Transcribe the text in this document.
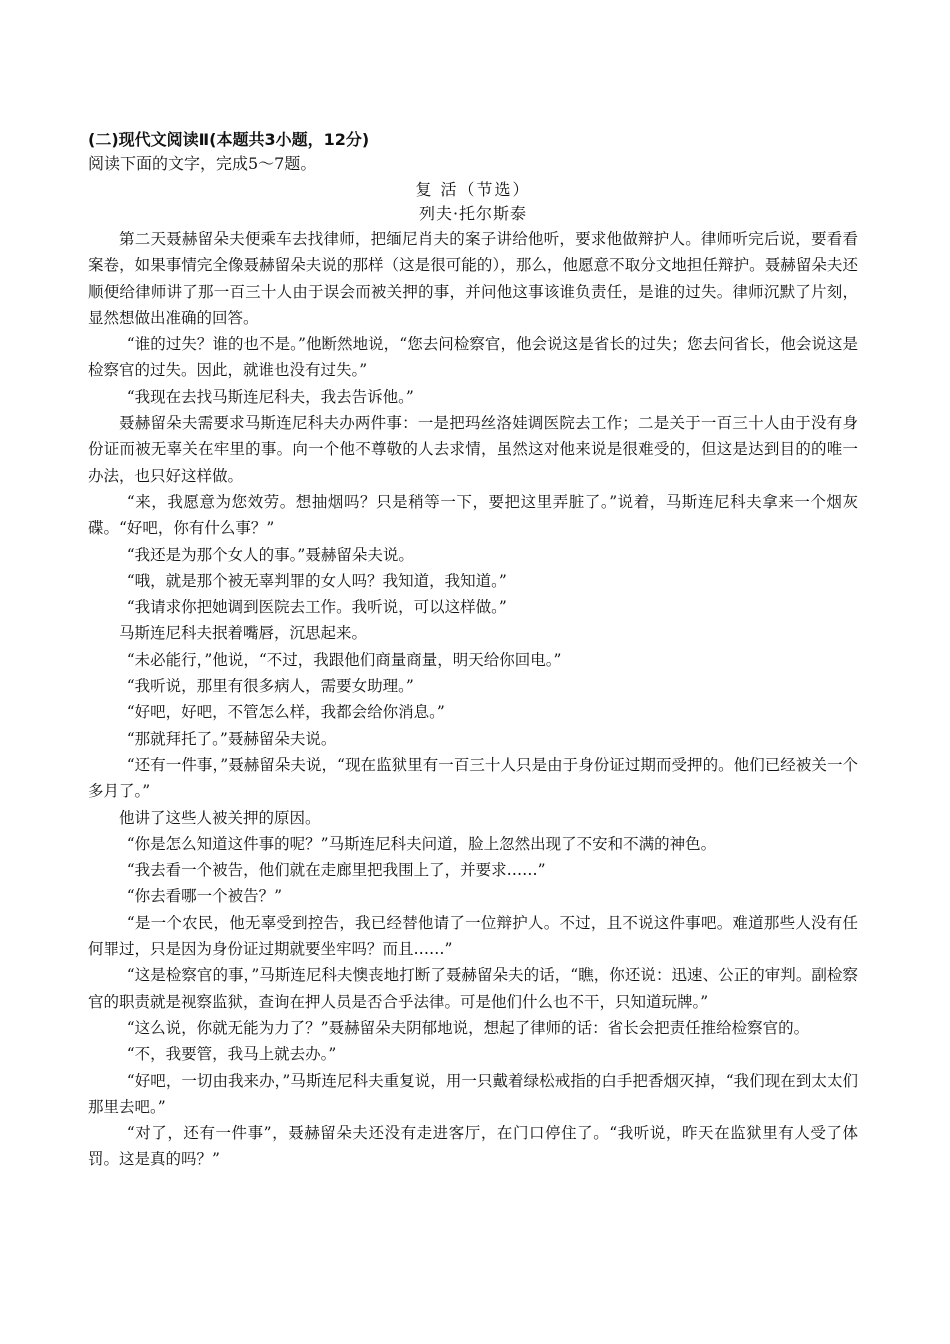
(二)现代文阅读Ⅱ(本题共3小题，12分)
阅读下面的文字，完成5～7题。
复 活（节选）
列夫·托尔斯泰

第二天聂赫留朵夫便乘车去找律师，把缅尼肖夫的案子讲给他听，要求他做辩护人。律师听完后说，要看看案卷，如果事情完全像聂赫留朵夫说的那样（这是很可能的），那么，他愿意不取分文地担任辩护。聂赫留朵夫还顺便给律师讲了那一百三十人由于误会而被关押的事，并问他这事该谁负责任，是谁的过失。律师沉默了片刻，显然想做出准确的回答。

“谁的过失？谁的也不是。”他断然地说，“您去问检察官，他会说这是省长的过失；您去问省长，他会说这是检察官的过失。因此，就谁也没有过失。”

“我现在去找马斯连尼科夫，我去告诉他。”

聂赫留朵夫需要求马斯连尼科夫办两件事：一是把玛丝洛娃调医院去工作；二是关于一百三十人由于没有身份证而被无辜关在牢里的事。向一个他不尊敬的人去求情，虽然这对他来说是很难受的，但这是达到目的的唯一办法，也只好这样做。

“来，我愿意为您效劳。想抽烟吗？只是稍等一下，要把这里弄脏了。”说着，马斯连尼科夫拿来一个烟灰碟。“好吧，你有什么事？”

“我还是为那个女人的事。”聂赫留朵夫说。

“哦，就是那个被无辜判罪的女人吗？我知道，我知道。”

“我请求你把她调到医院去工作。我听说，可以这样做。”

马斯连尼科夫抿着嘴唇，沉思起来。

“未必能行，”他说，“不过，我跟他们商量商量，明天给你回电。”

“我听说，那里有很多病人，需要女助理。”

“好吧，好吧，不管怎么样，我都会给你消息。”

“那就拜托了。”聂赫留朵夫说。

“还有一件事，”聂赫留朵夫说，“现在监狱里有一百三十人只是由于身份证过期而受押的。他们已经被关一个多月了。”

他讲了这些人被关押的原因。

“你是怎么知道这件事的呢？”马斯连尼科夫问道，脸上忽然出现了不安和不满的神色。

“我去看一个被告，他们就在走廊里把我围上了，并要求……”

“你去看哪一个被告？”

“是一个农民，他无辜受到控告，我已经替他请了一位辩护人。不过，且不说这件事吧。难道那些人没有任何罪过，只是因为身份证过期就要坐牢吗？而且……”

“这是检察官的事，”马斯连尼科夫懊丧地打断了聂赫留朵夫的话，“瞧，你还说：迅速、公正的审判。副检察官的职责就是视察监狱，查询在押人员是否合乎法律。可是他们什么也不干，只知道玩牌。”

“这么说，你就无能为力了？”聂赫留朵夫阴郁地说，想起了律师的话：省长会把责任推给检察官的。

“不，我要管，我马上就去办。”

“好吧，一切由我来办，”马斯连尼科夫重复说，用一只戴着绿松戒指的白手把香烟灭掉，“我们现在到太太们那里去吧。”

“对了，还有一件事”，聂赫留朵夫还没有走进客厅，在门口停住了。“我听说，昨天在监狱里有人受了体罚。这是真的吗？”
